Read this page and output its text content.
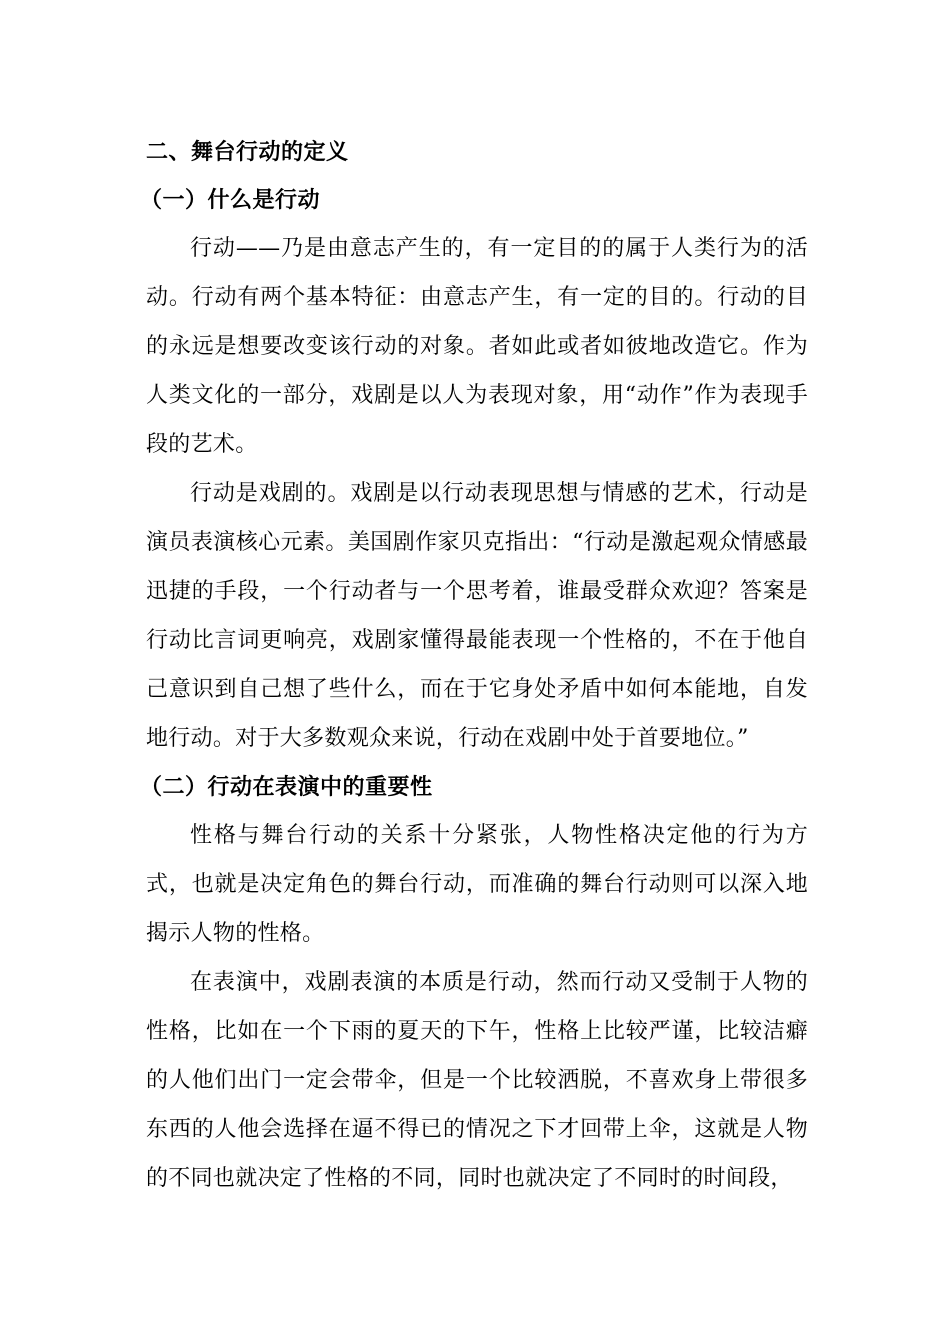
二、舞台行动的定义
（一）什么是行动

行动——乃是由意志产生的，有一定目的的属于人类行为的活动。行动有两个基本特征：由意志产生，有一定的目的。行动的目的永远是想要改变该行动的对象。者如此或者如彼地改造它。作为人类文化的一部分，戏剧是以人为表现对象，用“动作”作为表现手段的艺术。

行动是戏剧的。戏剧是以行动表现思想与情感的艺术，行动是演员表演核心元素。美国剧作家贝克指出：“行动是激起观众情感最迅捷的手段，一个行动者与一个思考着，谁最受群众欢迎？答案是行动比言词更响亮，戏剧家懂得最能表现一个性格的，不在于他自己意识到自己想了些什么，而在于它身处矛盾中如何本能地，自发地行动。对于大多数观众来说，行动在戏剧中处于首要地位。”

（二）行动在表演中的重要性

性格与舞台行动的关系十分紧张，人物性格决定他的行为方式，也就是决定角色的舞台行动，而准确的舞台行动则可以深入地揭示人物的性格。

在表演中，戏剧表演的本质是行动，然而行动又受制于人物的性格，比如在一个下雨的夏天的下午，性格上比较严谨，比较洁癖的人他们出门一定会带伞，但是一个比较洒脱，不喜欢身上带很多东西的人他会选择在逼不得已的情况之下才回带上伞，这就是人物的不同也就决定了性格的不同，同时也就决定了不同时的时间段，
